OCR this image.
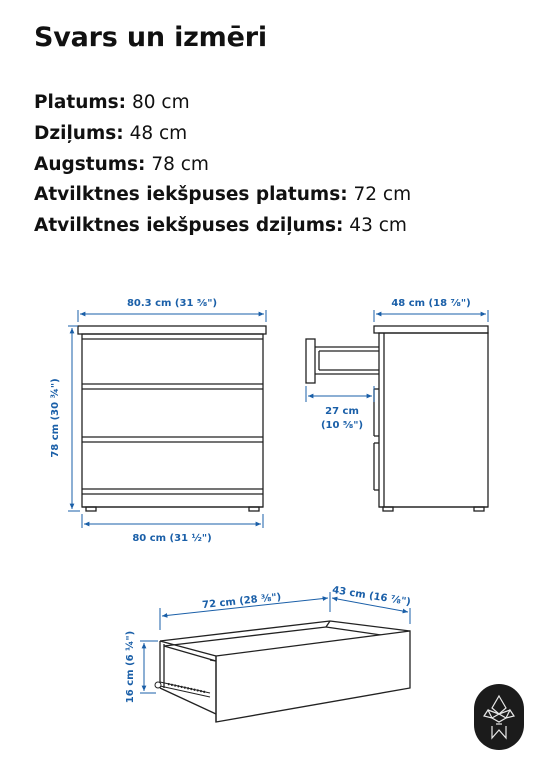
Svars un izmēri
Platums: 80 cm
Dziļums: 48 cm
Augstums: 78 cm
Atvilktnes iekšpuses platums: 72 cm
Atvilktnes iekšpuses dziļums: 43 cm
80.3 cm (31 ⅝")
78 cm (30 ¾")
80 cm (31 ½")
48 cm (18 ⅞")
27 cm
(10 ⅝")
72 cm (28 ⅜")	43 cm (16 ⅞")
16 cm (6 ¼")
